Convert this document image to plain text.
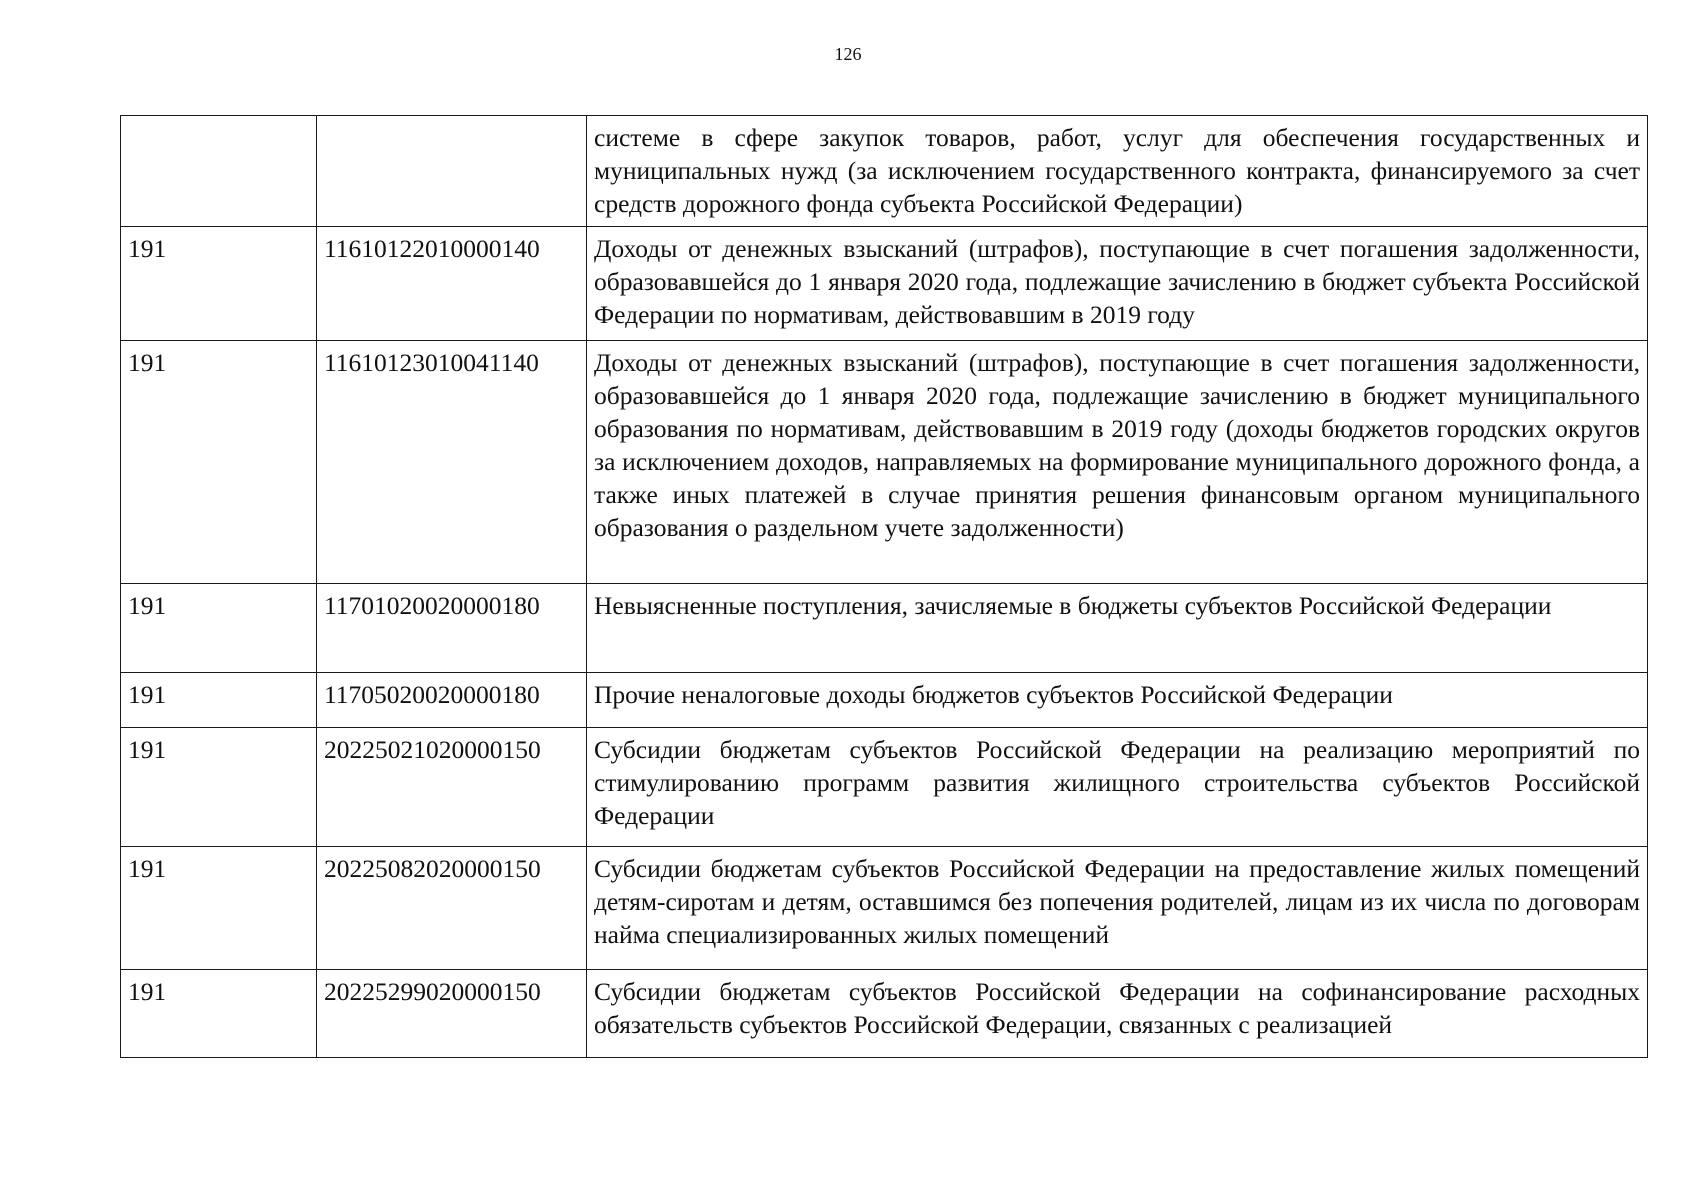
126
		системе в сфере закупок товаров, работ, услуг для обеспечения государственных и муниципальных нужд (за исключением государственного контракта, финансируемого за счет средств дорожного фонда субъекта Российской Федерации)
191	11610122010000140	Доходы от денежных взысканий (штрафов), поступающие в счет погашения задолженности, образовавшейся до 1 января 2020 года, подлежащие зачислению в бюджет субъекта Российской Федерации по нормативам, действовавшим в 2019 году
191	11610123010041140	Доходы от денежных взысканий (штрафов), поступающие в счет погашения задолженности, образовавшейся до 1 января 2020 года, подлежащие зачислению в бюджет муниципального образования по нормативам, действовавшим в 2019 году (доходы бюджетов городских округов за исключением доходов, направляемых на формирование муниципального дорожного фонда, а также иных платежей в случае принятия решения финансовым органом муниципального образования о раздельном учете задолженности)
191	11701020020000180	Невыясненные поступления, зачисляемые в бюджеты субъектов Российской Федерации
191	11705020020000180	Прочие неналоговые доходы бюджетов субъектов Российской Федерации
191	20225021020000150	Субсидии бюджетам субъектов Российской Федерации на реализацию мероприятий по стимулированию программ развития жилищного строительства субъектов Российской Федерации
191	20225082020000150	Субсидии бюджетам субъектов Российской Федерации на предоставление жилых помещений детям-сиротам и детям, оставшимся без попечения родителей, лицам из их числа по договорам найма специализированных жилых помещений
191	20225299020000150	Субсидии бюджетам субъектов Российской Федерации на софинансирование расходных обязательств субъектов Российской Федерации, связанных с реализацией
